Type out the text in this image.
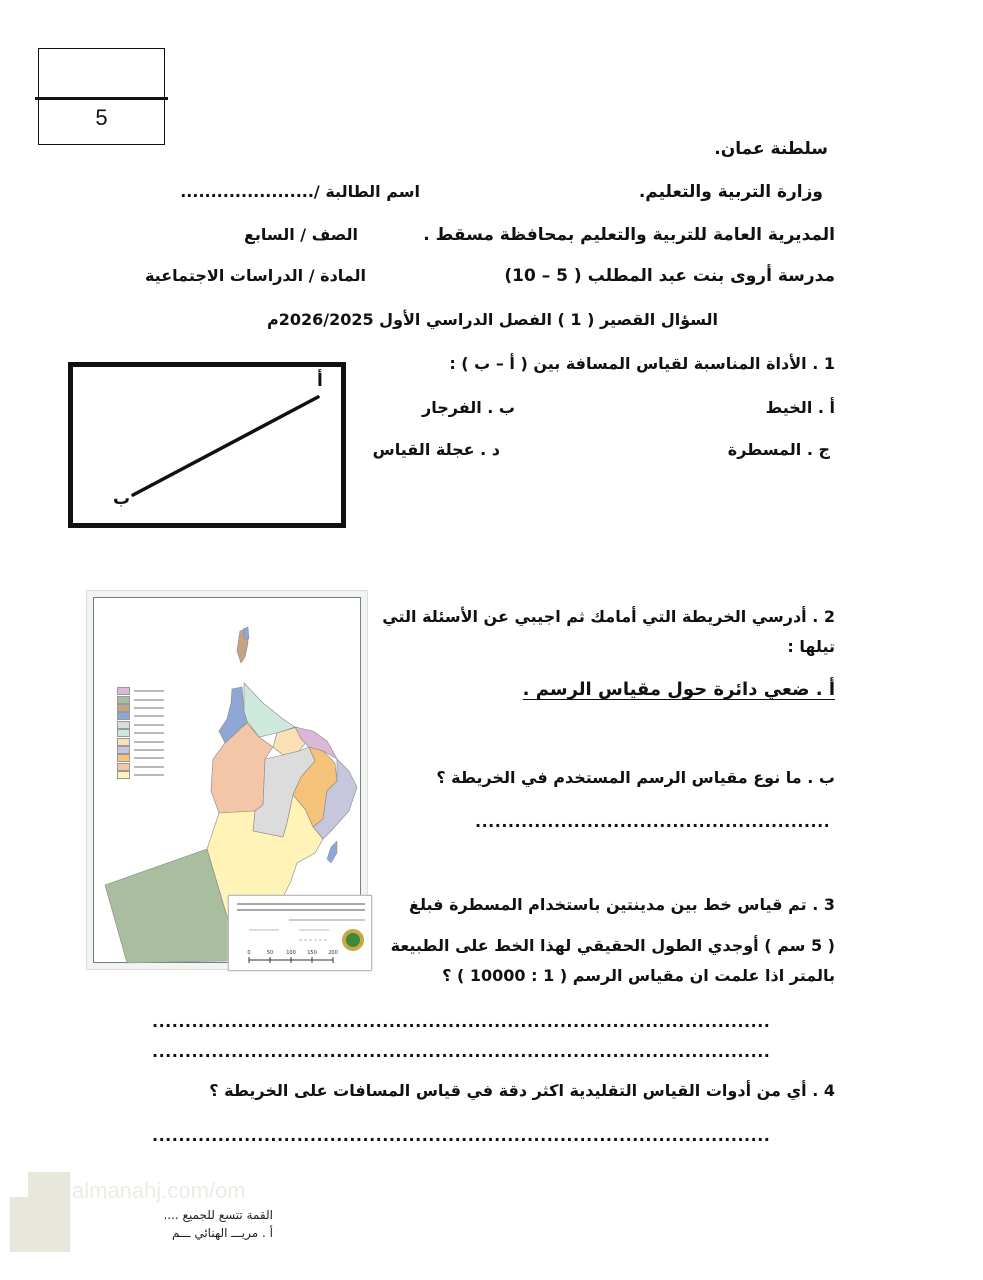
5
سلطنة عمان.
وزارة التربية والتعليم.
المديرية العامة للتربية والتعليم بمحافظة مسقط .
مدرسة أروى بنت عبد المطلب ( 5 – 10)
اسم الطالبة /
......................
الصف / السابع
المادة / الدراسات الاجتماعية
السؤال القصير ( 1 ) الفصل الدراسي الأول 2026/2025م
1 . الأداة المناسبة لقياس المسافة بين ( أ – ب ) :
أ . الخيط
ب . الفرجار
ج . المسطرة
د . عجلة القياس
أ
ب
2 . أدرسي الخريطة التي أمامك ثم اجيبي عن الأسئلة التي
تيلها :
أ . ضعي دائرة حول مقياس الرسم .
ب . ما نوع مقياس الرسم المستخدم في الخريطة ؟
......................................................
0	50	100 150 200
3 . تم قياس خط بين مدينتين باستخدام المسطرة فبلغ
( 5 سم ) أوجدي الطول الحقيقي لهذا الخط على الطبيعة
بالمتر اذا علمت ان مقياس الرسم ( 1 : 10000 ) ؟
..............................................................................................
..............................................................................................
4 . أي من أدوات القياس التقليدية اكثر دقة في قياس المسافات على الخريطة ؟
..............................................................................................
almanahj.com/om
القمة تتسع للجميع ....
أ . مريـــ الهنائي ـــم
